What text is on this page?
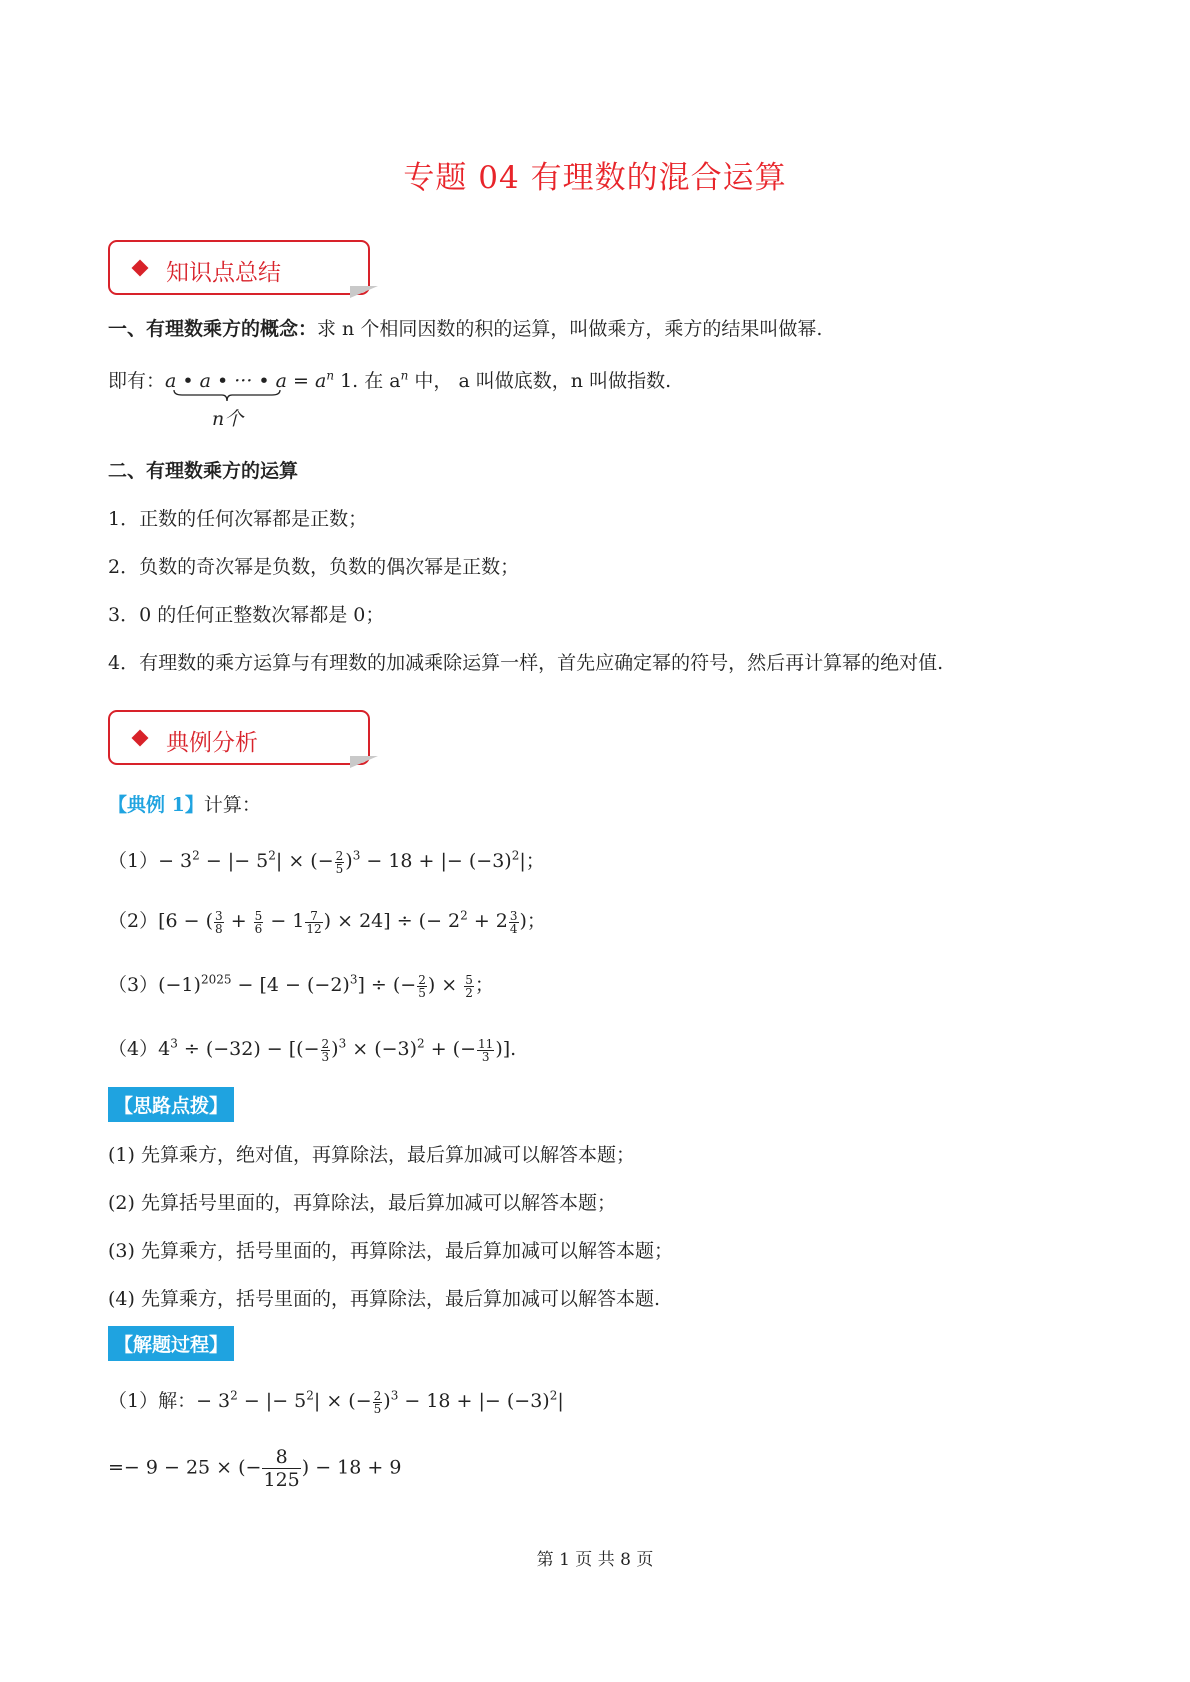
专题 04 有理数的混合运算
知识点总结
一、有理数乘方的概念：求 n 个相同因数的积的运算，叫做乘方，乘方的结果叫做幂.
即有：a • a • ··· • $a = a^n$ 1. 在 $a^n$ 中， a 叫做底数，n 叫做指数.
n个
二、有理数乘方的运算
1．正数的任何次幂都是正数；
2．负数的奇次幂是负数，负数的偶次幂是正数；
3．0 的任何正整数次幂都是 0；
4．有理数的乘方运算与有理数的加减乘除运算一样，首先应确定幂的符号，然后再计算幂的绝对值.
典例分析
【典例 1】计算：
$(1)- 3^2$ − |− $5^2|$ × (− $\frac{2}{5} )^3 - 18$ + |− $(-3)^2|$；
（2）[6 − ( $\frac{3}{8} + \frac{5}{6} - 1 \frac{7}{12}$ ) × 24] ÷ (− $2^2 + 2 \frac{3}{4}$ )；
$(3)(-1)^{2025} - [4 - (-2)^3]$ ÷ (− $\frac{2}{5}$ ) × $\frac{5}{2}$ ；
$(4)4^3 \div (-32)$ − [(− $\frac{2}{3} )^3 \times (-3)^2$ + (− $\frac{11}{3}$ )].
【思路点拨】
(1) 先算乘方，绝对值，再算除法，最后算加减可以解答本题；
(2) 先算括号里面的，再算除法，最后算加减可以解答本题；
(3) 先算乘方，括号里面的，再算除法，最后算加减可以解答本题；
(4) 先算乘方，括号里面的，再算除法，最后算加减可以解答本题.
【解题过程】
（1）解：− $3^2$ − |− $5^2|$ × (− $\frac{2}{5} )^3 - 18$ + |− $(-3)^2|$
=− 9 − 25 × (− $\frac{8}{125}$ ) − 18 + 9
第 1 页 共 8 页
